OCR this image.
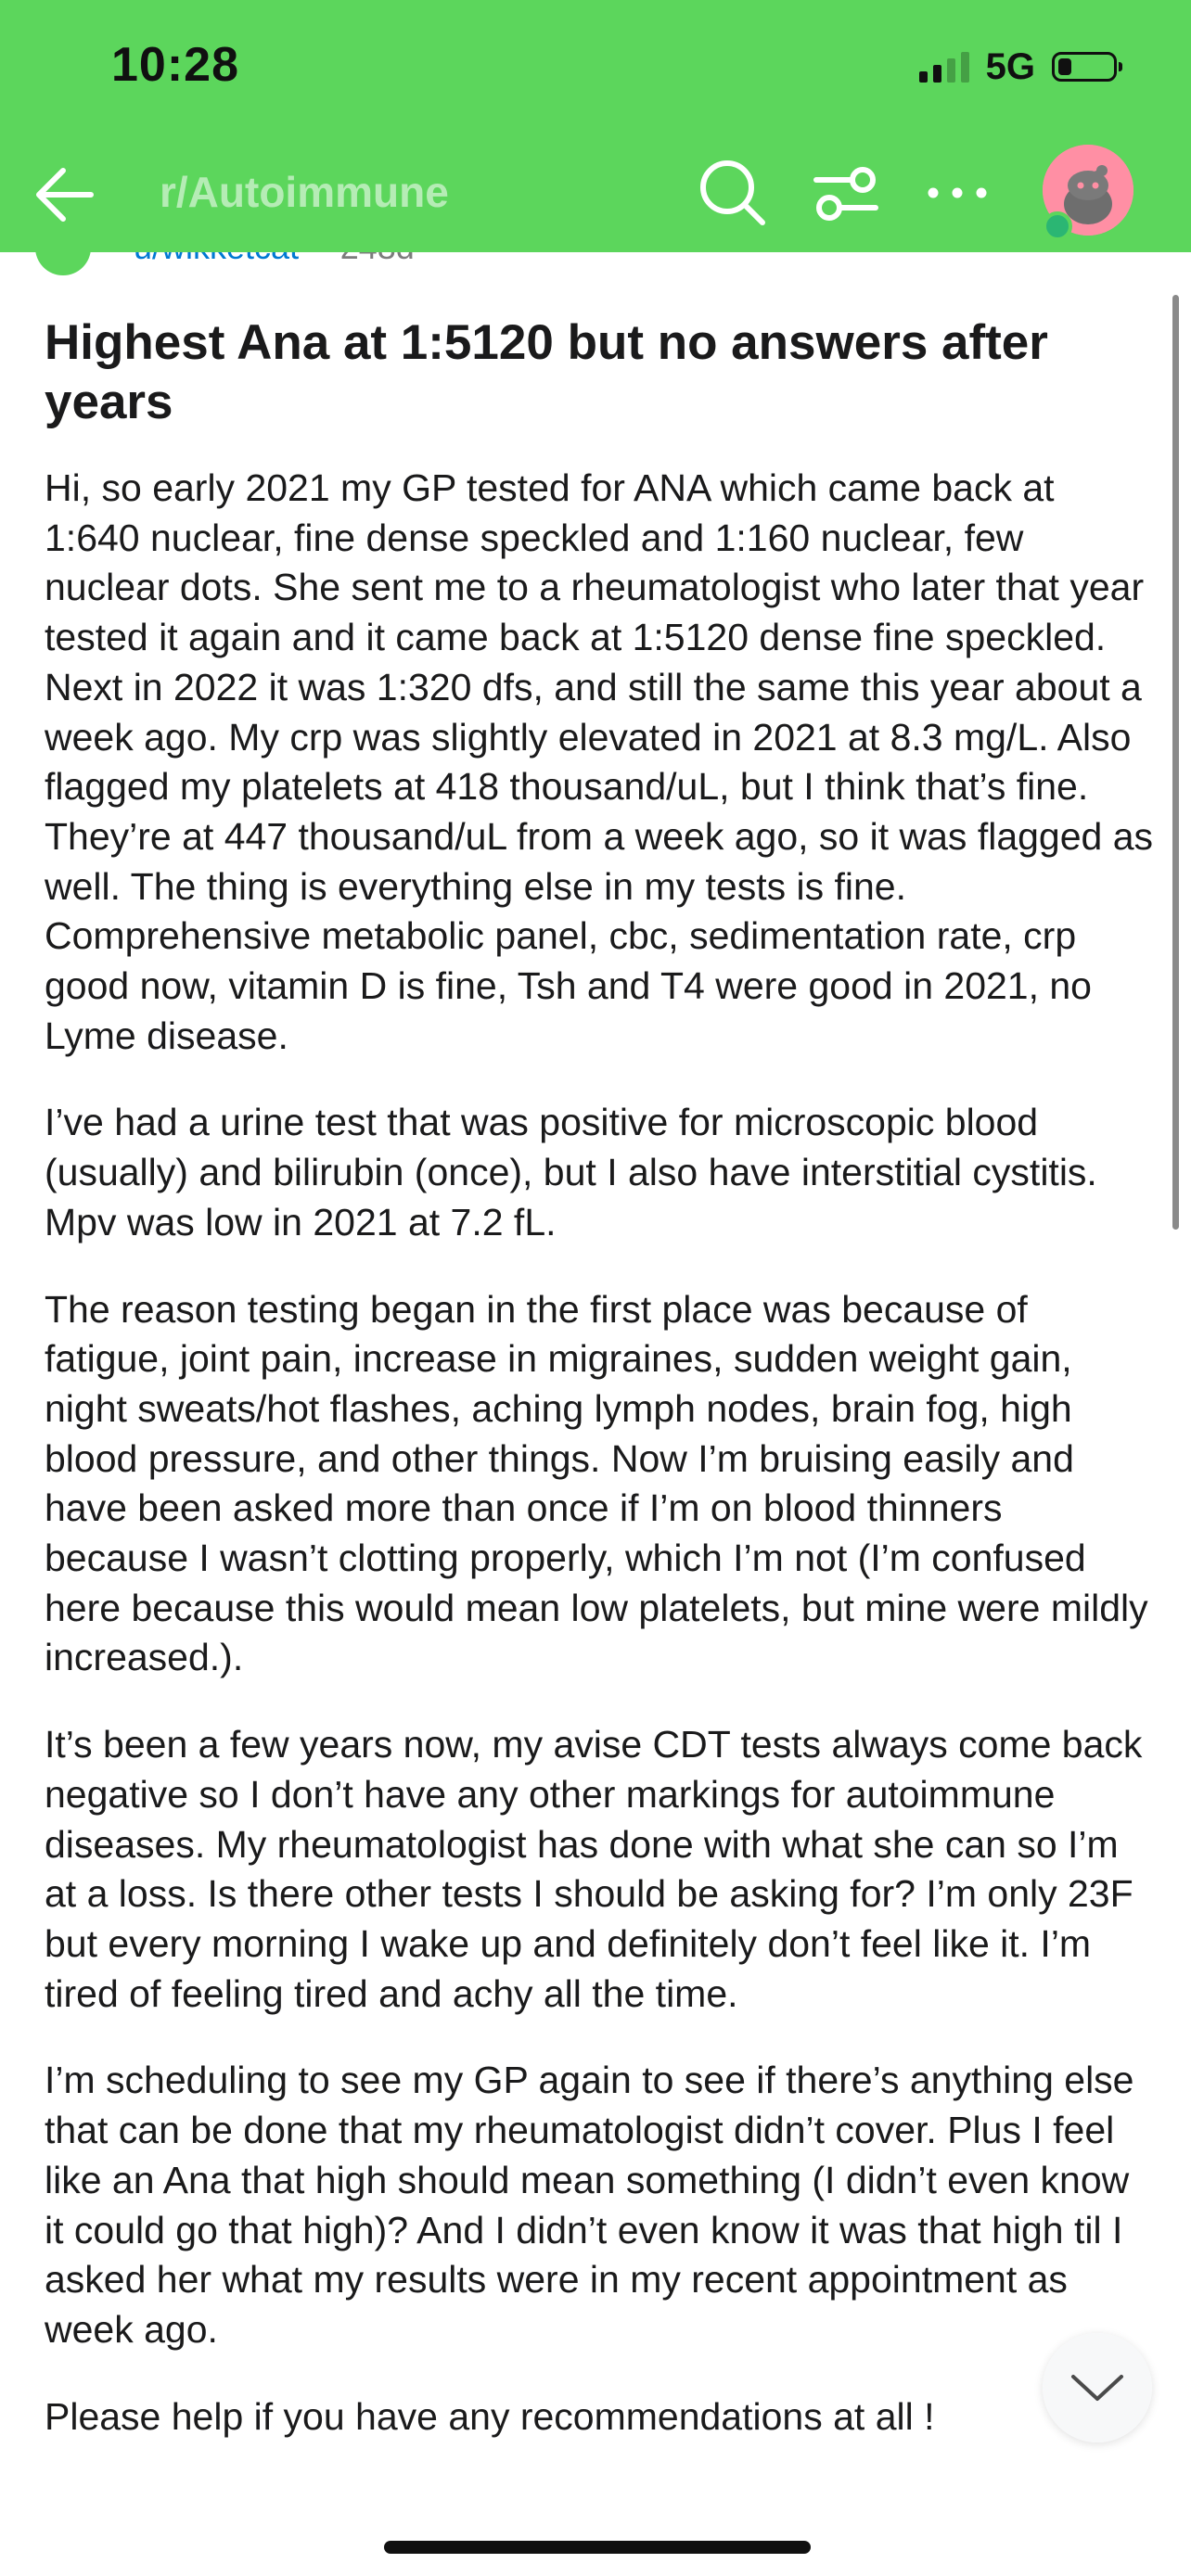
10:28	5G
r/Autoimmune
Highest Ana at 1:5120 but no answers after years

Hi, so early 2021 my GP tested for ANA which came back at 1:640 nuclear, fine dense speckled and 1:160 nuclear, few nuclear dots. She sent me to a rheumatologist who later that year tested it again and it came back at 1:5120 dense fine speckled. Next in 2022 it was 1:320 dfs, and still the same this year about a week ago. My crp was slightly elevated in 2021 at 8.3 mg/L. Also flagged my platelets at 418 thousand/uL, but I think that’s fine. They’re at 447 thousand/uL from a week ago, so it was flagged as well. The thing is everything else in my tests is fine. Comprehensive metabolic panel, cbc, sedimentation rate, crp good now, vitamin D is fine, Tsh and T4 were good in 2021, no Lyme disease.

I’ve had a urine test that was positive for microscopic blood (usually) and bilirubin (once), but I also have interstitial cystitis. Mpv was low in 2021 at 7.2 fL.

The reason testing began in the first place was because of fatigue, joint pain, increase in migraines, sudden weight gain, night sweats/hot flashes, aching lymph nodes, brain fog, high blood pressure, and other things. Now I’m bruising easily and have been asked more than once if I’m on blood thinners because I wasn’t clotting properly, which I’m not (I’m confused here because this would mean low platelets, but mine were mildly increased.).

It’s been a few years now, my avise CDT tests always come back negative so I don’t have any other markings for autoimmune diseases. My rheumatologist has done with what she can so I’m at a loss. Is there other tests I should be asking for? I’m only 23F but every morning I wake up and definitely don’t feel like it. I’m tired of feeling tired and achy all the time.

I’m scheduling to see my GP again to see if there’s anything else that can be done that my rheumatologist didn’t cover. Plus I feel like an Ana that high should mean something (I didn’t even know it could go that high)? And I didn’t even know it was that high til I asked her what my results were in my recent appointment as week ago.

Please help if you have any recommendations at all !
